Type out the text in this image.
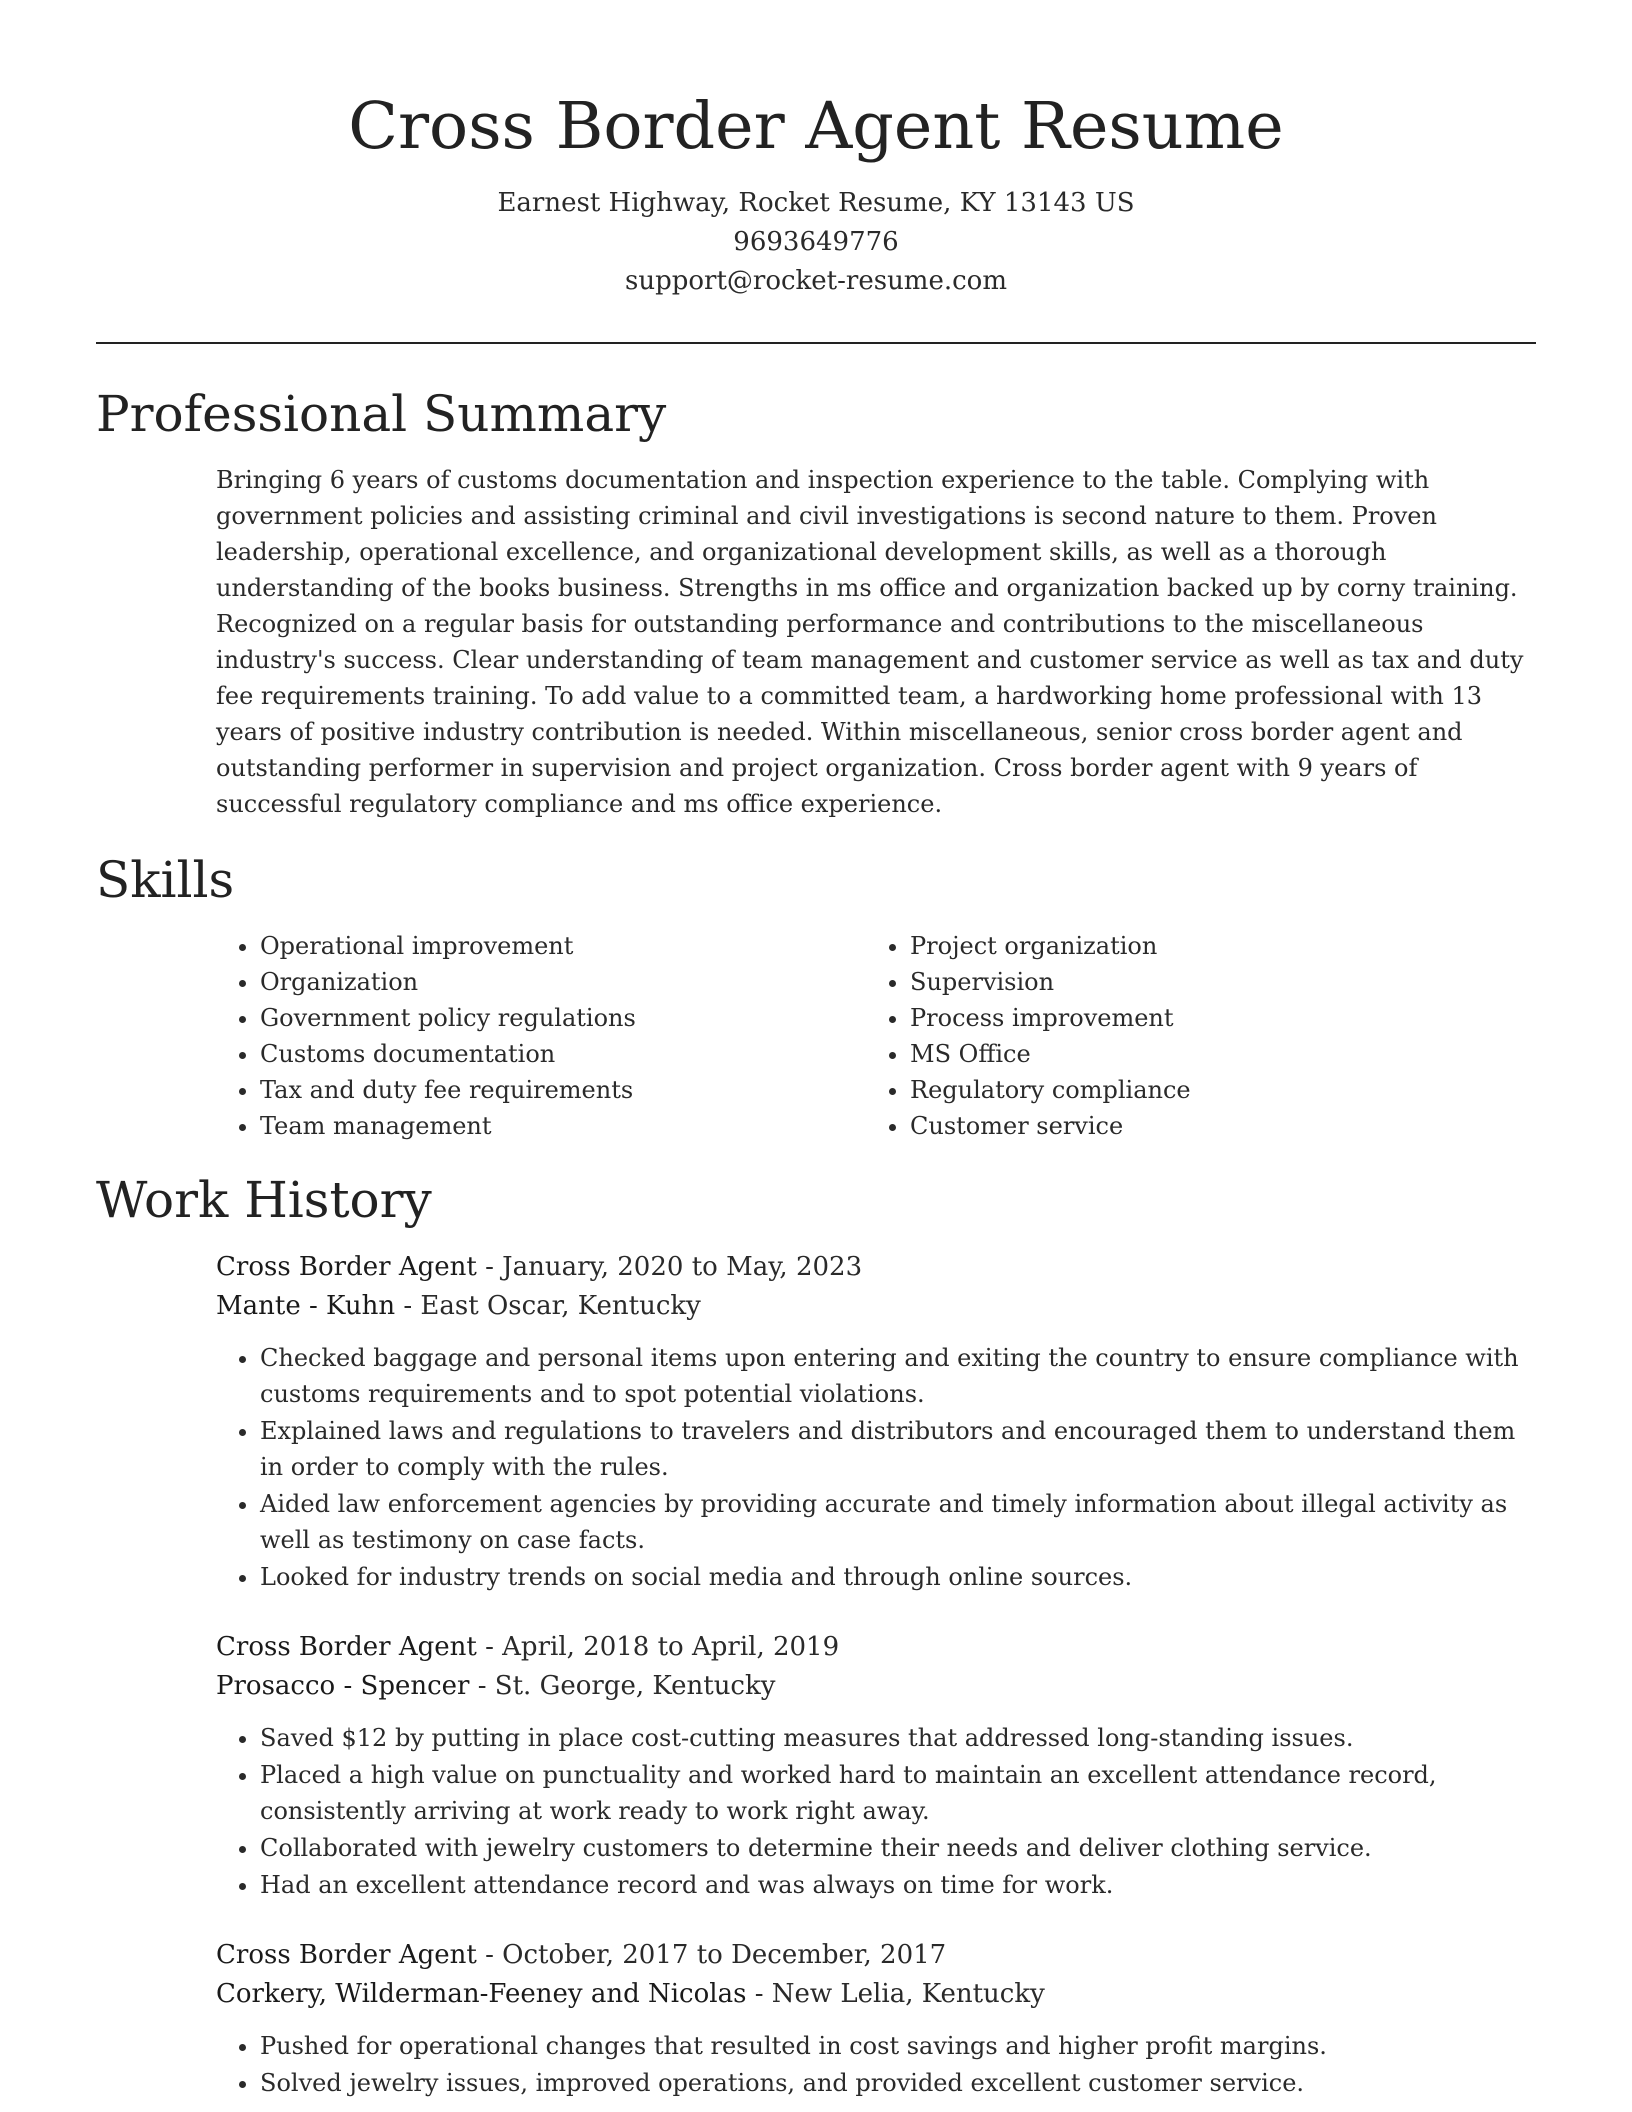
Cross Border Agent Resume
Earnest Highway, Rocket Resume, KY 13143 US
9693649776
support@rocket-resume.com
Professional Summary

Bringing 6 years of customs documentation and inspection experience to the table. Complying with government policies and assisting criminal and civil investigations is second nature to them. Proven leadership, operational excellence, and organizational development skills, as well as a thorough understanding of the books business. Strengths in ms office and organization backed up by corny training. Recognized on a regular basis for outstanding performance and contributions to the miscellaneous industry's success. Clear understanding of team management and customer service as well as tax and duty fee requirements training. To add value to a committed team, a hardworking home professional with 13 years of positive industry contribution is needed. Within miscellaneous, senior cross border agent and outstanding performer in supervision and project organization. Cross border agent with 9 years of successful regulatory compliance and ms office experience.

Skills
• Operational improvement
• Organization
• Government policy regulations
• Customs documentation
• Tax and duty fee requirements
• Team management
• Project organization
• Supervision
• Process improvement
• MS Office
• Regulatory compliance
• Customer service
Work History
Cross Border Agent - January, 2020 to May, 2023
Mante - Kuhn - East Oscar, Kentucky
• Checked baggage and personal items upon entering and exiting the country to ensure compliance with customs requirements and to spot potential violations.
• Explained laws and regulations to travelers and distributors and encouraged them to understand them in order to comply with the rules.
• Aided law enforcement agencies by providing accurate and timely information about illegal activity as well as testimony on case facts.
• Looked for industry trends on social media and through online sources.
Cross Border Agent - April, 2018 to April, 2019
Prosacco - Spencer - St. George, Kentucky
• Saved $12 by putting in place cost-cutting measures that addressed long-standing issues.
• Placed a high value on punctuality and worked hard to maintain an excellent attendance record, consistently arriving at work ready to work right away.
• Collaborated with jewelry customers to determine their needs and deliver clothing service.
• Had an excellent attendance record and was always on time for work.
Cross Border Agent - October, 2017 to December, 2017
Corkery, Wilderman-Feeney and Nicolas - New Lelia, Kentucky
• Pushed for operational changes that resulted in cost savings and higher profit margins.
• Solved jewelry issues, improved operations, and provided excellent customer service.
